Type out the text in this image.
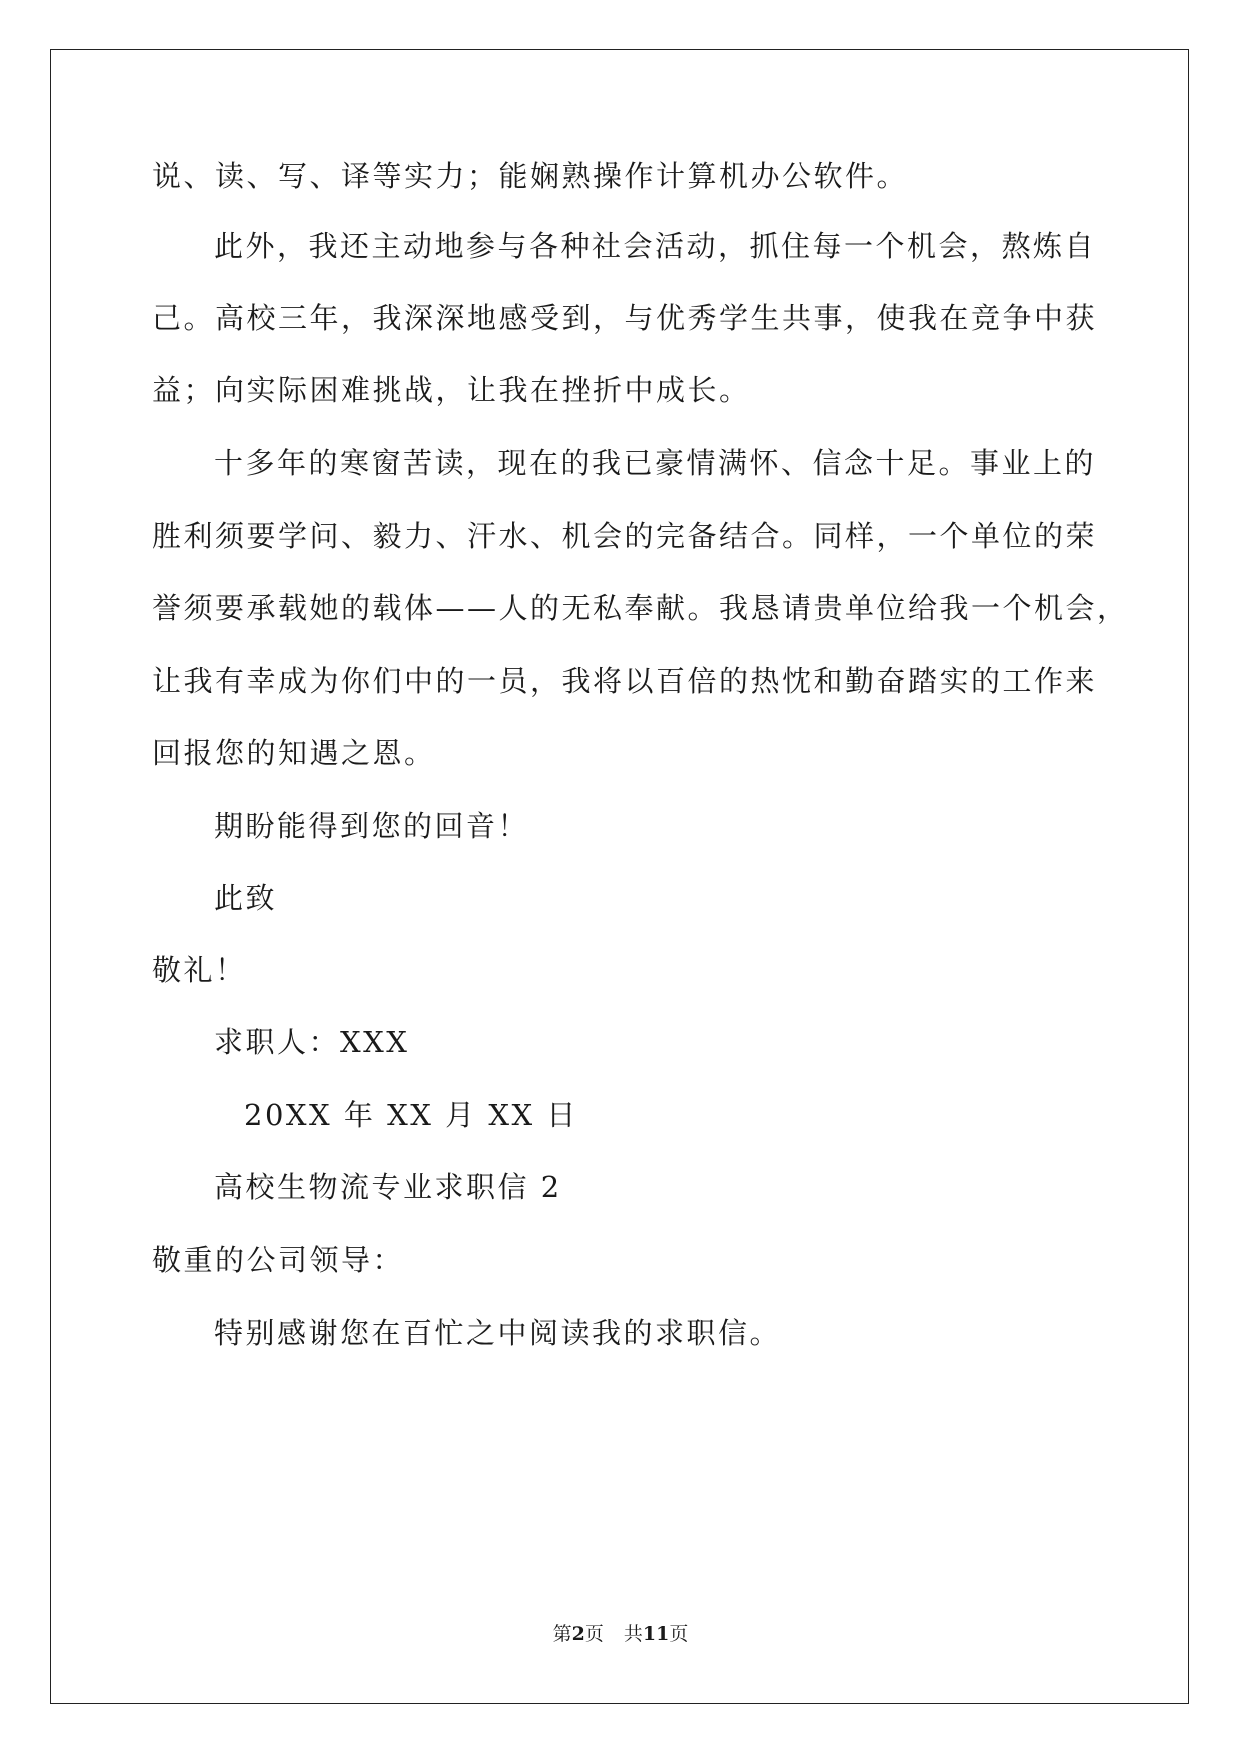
说、读、写、译等实力；能娴熟操作计算机办公软件。
此外，我还主动地参与各种社会活动，抓住每一个机会，熬炼自
己。高校三年，我深深地感受到，与优秀学生共事，使我在竞争中获
益；向实际困难挑战，让我在挫折中成长。
十多年的寒窗苦读，现在的我已豪情满怀、信念十足。事业上的
胜利须要学问、毅力、汗水、机会的完备结合。同样，一个单位的荣
誉须要承载她的载体——人的无私奉献。我恳请贵单位给我一个机会，
让我有幸成为你们中的一员，我将以百倍的热忱和勤奋踏实的工作来
回报您的知遇之恩。
期盼能得到您的回音！
此致
敬礼！
求职人：XXX
20XX 年 XX 月 XX 日
高校生物流专业求职信 2
敬重的公司领导：
特别感谢您在百忙之中阅读我的求职信。
第2页 共11页
